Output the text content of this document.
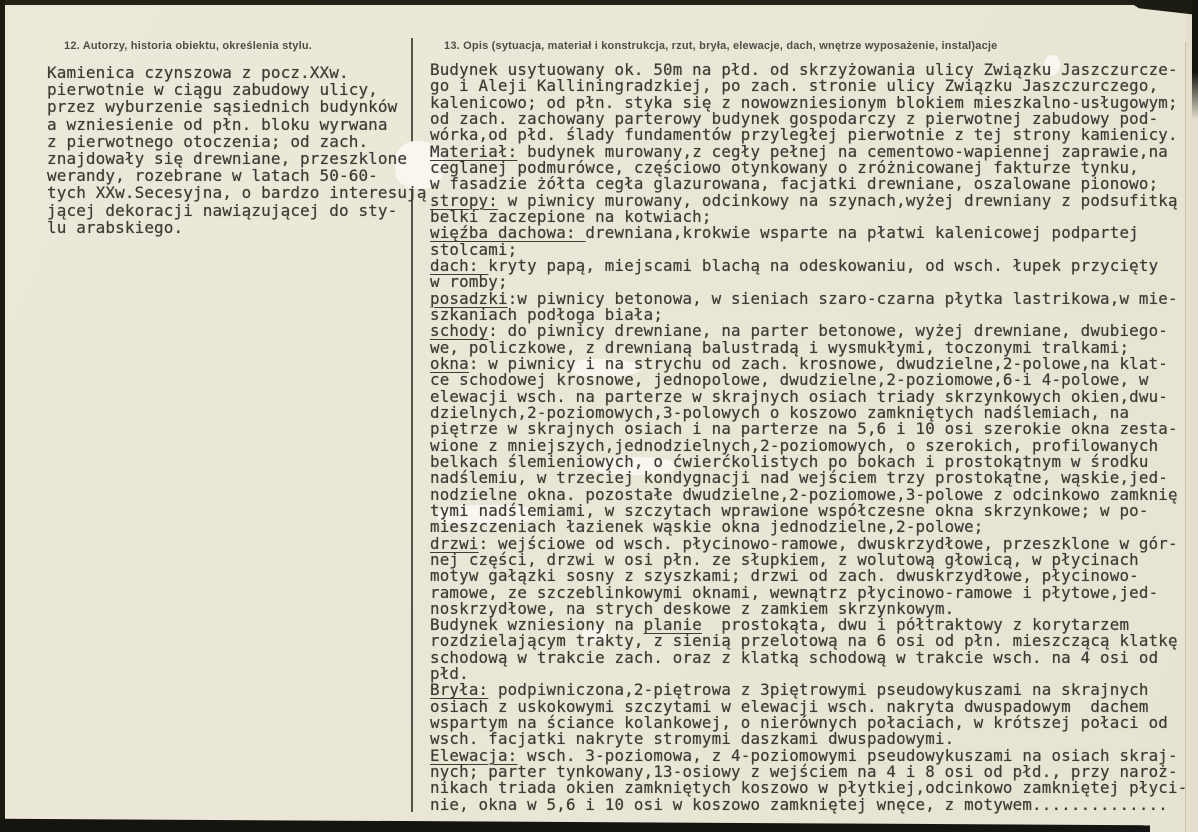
12. Autorzy, historia obiektu, określenia stylu.	13. Opis (sytuacja, materiał i konstrukcja, rzut, bryła, elewacje, dach, wnętrze wyposażenie, instal)acje
Kamienica czynszowa z pocz.XXw.
pierwotnie w ciągu zabudowy ulicy,
przez wyburzenie sąsiednich budynków
a wzniesienie od płn. bloku wyrwana
z pierwotnego otoczenia; od zach.
znajdowały się drewniane, przeszklone
werandy, rozebrane w latach 50-60-
tych XXw.Secesyjna, o bardzo interesują
jącej dekoracji nawiązującej do sty-
lu arabskiego.
Budynek usytuowany ok. 50m na płd. od skrzyżowania ulicy Związku Jaszczurcze-
go i Aleji Kalliningradzkiej, po zach. stronie ulicy Związku Jaszczurczego,
kalenicowo; od płn. styka się z nowowzniesionym blokiem mieszkalno-usługowym;
od zach. zachowany parterowy budynek gospodarczy z pierwotnej zabudowy pod-
wórka,od płd. ślady fundamentów przyległej pierwotnie z tej strony kamienicy.
Materiał: budynek murowany,z cegły pełnej na cementowo-wapiennej zaprawie,na
ceglanej podmurówce, częściowo otynkowany o zróżnicowanej fakturze tynku,
w fasadzie żółta cegła glazurowana, facjatki drewniane, oszalowane pionowo;
stropy: w piwnicy murowany, odcinkowy na szynach,wyżej drewniany z podsufitką
belki zaczepione na kotwiach;
więźba dachowa: drewniana,krokwie wsparte na płatwi kalenicowej podpartej
stolcami;
dach: kryty papą, miejscami blachą na odeskowaniu, od wsch. łupek przycięty
w romby;
posadzki:w piwnicy betonowa, w sieniach szaro-czarna płytka lastrikowa,w mie-
szkaniach podłoga biała;
schody: do piwnicy drewniane, na parter betonowe, wyżej drewniane, dwubiego-
we, policzkowe, z drewnianą balustradą i wysmukłymi, toczonymi tralkami;
okna: w piwnicy i na strychu od zach. krosnowe, dwudzielne,2-polowe,na klat-
ce schodowej krosnowe, jednopolowe, dwudzielne,2-poziomowe,6-i 4-polowe, w
elewacji wsch. na parterze w skrajnych osiach triady skrzynkowych okien,dwu-
dzielnych,2-poziomowych,3-polowych o koszowo zamkniętych nadślemiach, na
piętrze w skrajnych osiach i na parterze na 5,6 i 10 osi szerokie okna zesta-
wione z mniejszych,jednodzielnych,2-poziomowych, o szerokich, profilowanych
belkach ślemieniowych, o ćwierćkolistych po bokach i prostokątnym w środku
nadślemiu, w trzeciej kondygnacji nad wejściem trzy prostokątne, wąskie,jed-
nodzielne okna. pozostałe dwudzielne,2-poziomowe,3-polowe z odcinkowo zamknię
tymi nadślemiami, w szczytach wprawione współczesne okna skrzynkowe; w po-
mieszczeniach łazienek wąskie okna jednodzielne,2-polowe;
drzwi: wejściowe od wsch. płycinowo-ramowe, dwuskrzydłowe, przeszklone w gór-
nej części, drzwi w osi płn. ze słupkiem, z wolutową głowicą, w płycinach
motyw gałązki sosny z szyszkami; drzwi od zach. dwuskrzydłowe, płycinowo-
ramowe, ze szczeblinkowymi oknami, wewnątrz płycinowo-ramowe i płytowe,jed-
noskrzydłowe, na strych deskowe z zamkiem skrzynkowym.
Budynek wzniesiony na planie  prostokąta, dwu i półtraktowy z korytarzem
rozdzielającym trakty, z sienią przelotową na 6 osi od płn. mieszczącą klatkę
schodową w trakcie zach. oraz z klatką schodową w trakcie wsch. na 4 osi od
płd.
Bryła: podpiwniczona,2-piętrowa z 3piętrowymi pseudowykuszami na skrajnych
osiach z uskokowymi szczytami w elewacji wsch. nakryta dwuspadowym  dachem
wspartym na ściance kolankowej, o nierównych połaciach, w krótszej połaci od
wsch. facjatki nakryte stromymi daszkami dwuspadowymi.
Elewacja: wsch. 3-poziomowa, z 4-poziomowymi pseudowykuszami na osiach skraj-
nych; parter tynkowany,13-osiowy z wejściem na 4 i 8 osi od płd., przy naroż-
nikach triada okien zamkniętych koszowo w płytkiej,odcinkowo zamkniętej płyci-
nie, okna w 5,6 i 10 osi w koszowo zamkniętej wnęce, z motywem..............
